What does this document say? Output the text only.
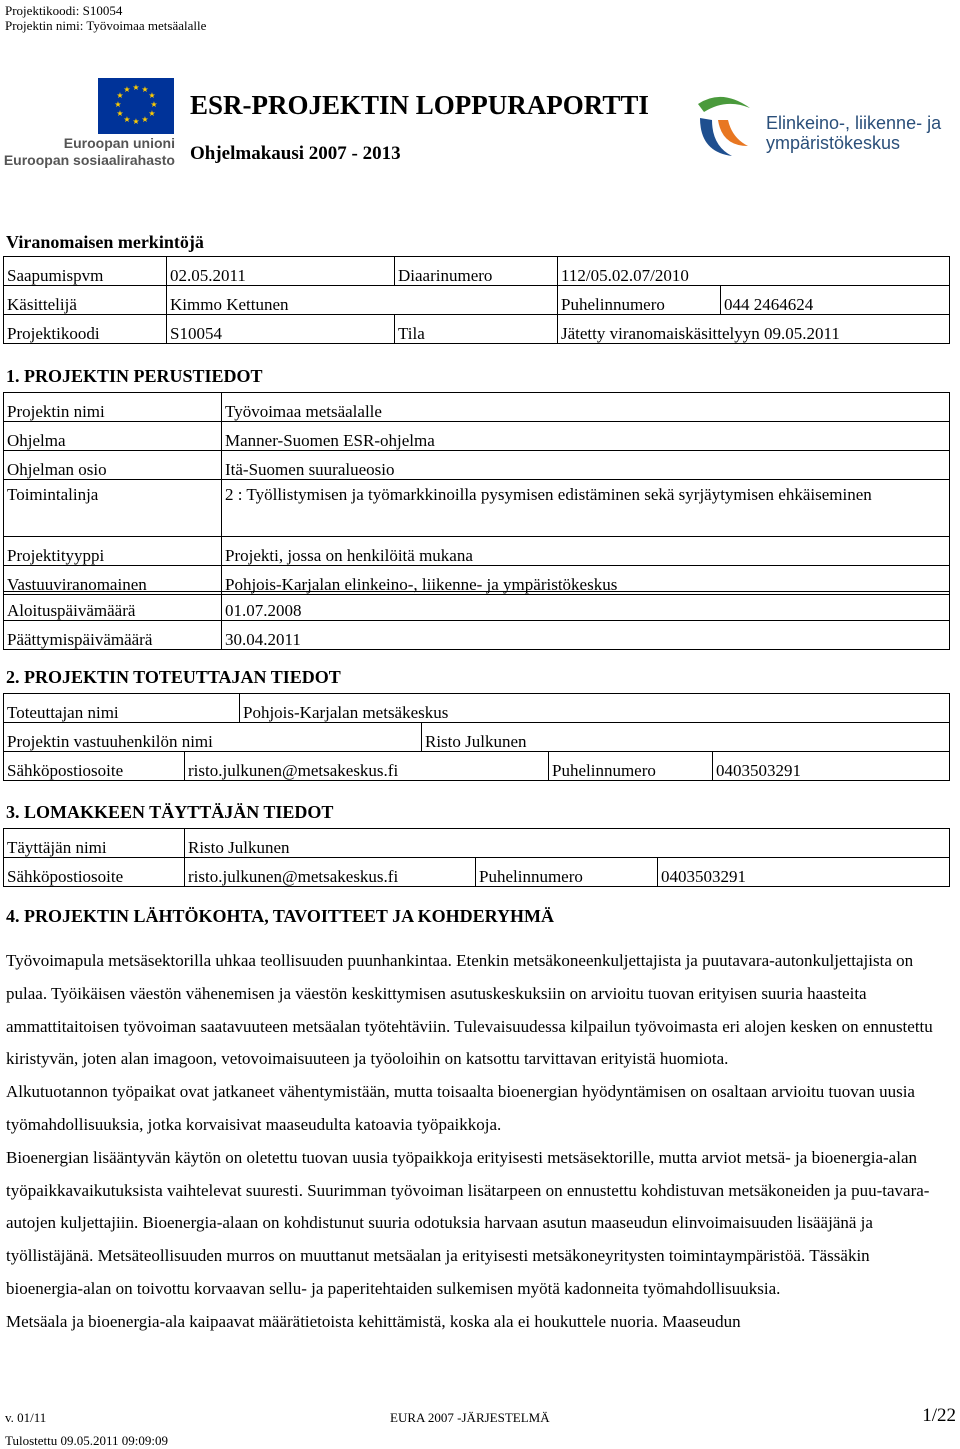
Projektikoodi: S10054
Projektin nimi: Työvoimaa metsäalalle
★ ★
★
★
★
★
★
★
★
★
★
★
Euroopan unioni
Euroopan sosiaalirahasto
ESR-PROJEKTIN LOPPURAPORTTI
Ohjelmakausi 2007 - 2013
Elinkeino-, liikenne- ja
ympäristökeskus
Viranomaisen merkintöjä
Saapumispvm	02.05.2011	Diaarinumero	112/05.02.07/2010
Käsittelijä	Kimmo Kettunen	Puhelinnumero	044 2464624
Projektikoodi	S10054	Tila	Jätetty viranomaiskäsittelyyn 09.05.2011
1. PROJEKTIN PERUSTIEDOT
Projektin nimi	Työvoimaa metsäalalle
Ohjelma	Manner-Suomen ESR-ohjelma
Ohjelman osio	Itä-Suomen suuralueosio
Toimintalinja	2 : Työllistymisen ja työmarkkinoilla pysymisen edistäminen sekä syrjäytymisen ehkäiseminen
Projektityyppi	Projekti, jossa on henkilöitä mukana
Vastuuviranomainen	Pohjois-Karjalan elinkeino-, liikenne- ja ympäristökeskus
Aloituspäivämäärä	01.07.2008
Päättymispäivämäärä	30.04.2011
2. PROJEKTIN TOTEUTTAJAN TIEDOT
Toteuttajan nimi	Pohjois-Karjalan metsäkeskus
Projektin vastuuhenkilön nimi	Risto Julkunen
Sähköpostiosoite	risto.julkunen@metsakeskus.fi	Puhelinnumero	0403503291
3. LOMAKKEEN TÄYTTÄJÄN TIEDOT
Täyttäjän nimi	Risto Julkunen
Sähköpostiosoite	risto.julkunen@metsakeskus.fi	Puhelinnumero	0403503291
4. PROJEKTIN LÄHTÖKOHTA, TAVOITTEET JA KOHDERYHMÄ

Työvoimapula metsäsektorilla uhkaa teollisuuden puunhankintaa. Etenkin metsäkoneenkuljettajista ja puutavara-autonkuljettajista on pulaa. Työikäisen väestön vähenemisen ja väestön keskittymisen asutuskeskuksiin on arvioitu tuovan erityisen suuria haasteita ammattitaitoisen työvoiman saatavuuteen metsäalan työtehtäviin. Tulevaisuudessa kilpailun työvoimasta eri alojen kesken on ennustettu kiristyvän, joten alan imagoon, vetovoimaisuuteen ja työoloihin on katsottu tarvittavan erityistä huomiota.

Alkutuotannon työpaikat ovat jatkaneet vähentymistään, mutta toisaalta bioenergian hyödyntämisen on osaltaan arvioitu tuovan uusia työmahdollisuuksia, jotka korvaisivat maaseudulta katoavia työpaikkoja.

Bioenergian lisääntyvän käytön on oletettu tuovan uusia työpaikkoja erityisesti metsäsektorille, mutta arviot metsä- ja bioenergia-alan työpaikkavaikutuksista vaihtelevat suuresti. Suurimman työvoiman lisätarpeen on ennustettu kohdistuvan metsäkoneiden ja puu-tavara-autojen kuljettajiin. Bioenergia-alaan on kohdistunut suuria odotuksia harvaan asutun maaseudun elinvoimaisuuden lisääjänä ja työllistäjänä. Metsäteollisuuden murros on muuttanut metsäalan ja erityisesti metsäkoneyritysten toimintaympäristöä. Tässäkin bioenergia-alan on toivottu korvaavan sellu- ja paperitehtaiden sulkemisen myötä kadonneita työmahdollisuuksia.

Metsäala ja bioenergia-ala kaipaavat määrätietoista kehittämistä, koska ala ei houkuttele nuoria. Maaseudun

v. 01/11	EURA 2007 -JÄRJESTELMÄ	1/22
Tulostettu 09.05.2011 09:09:09
